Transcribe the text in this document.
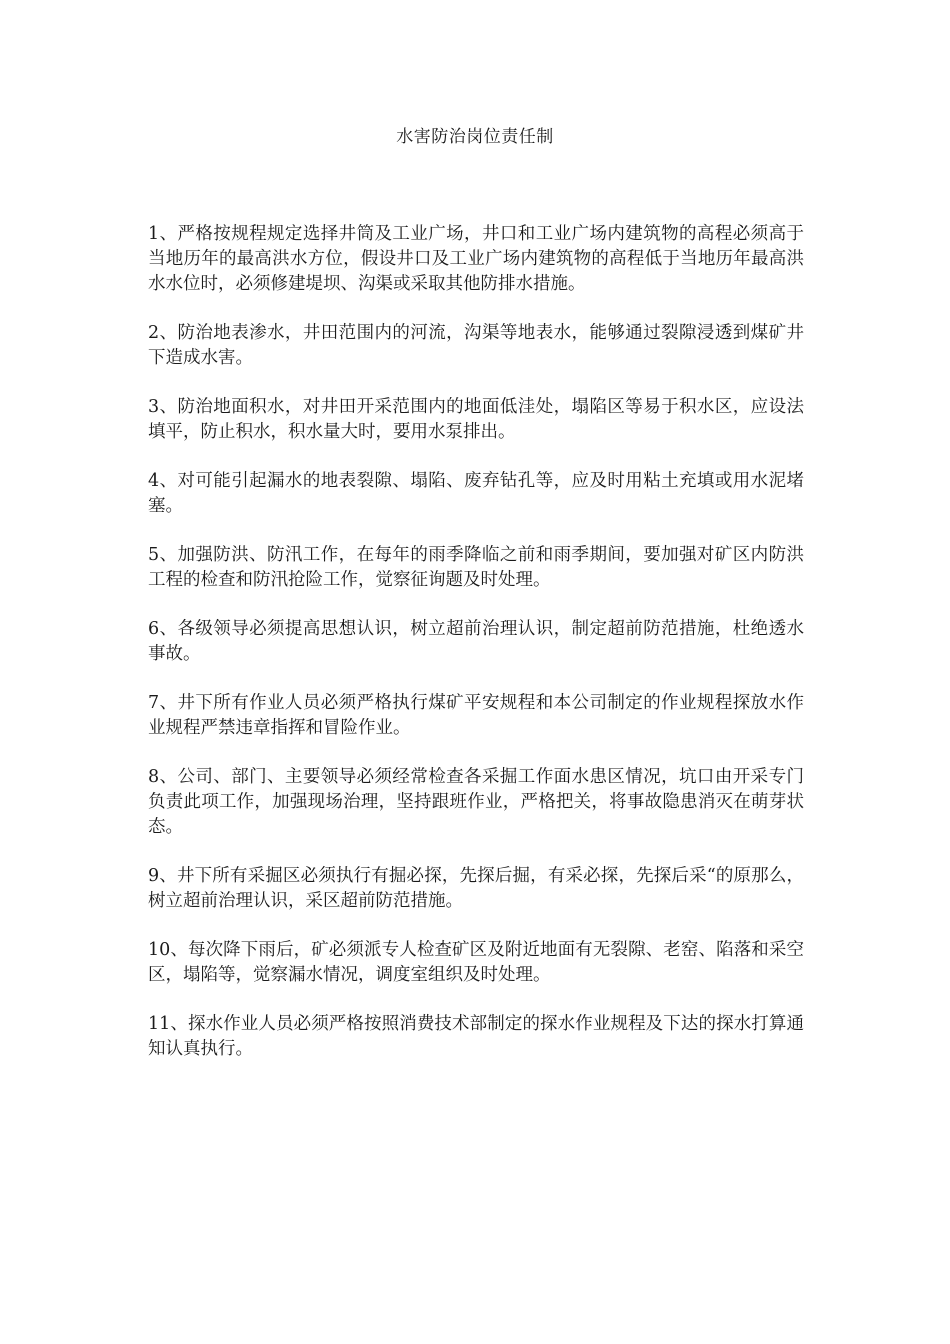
水害防治岗位责任制

1、严格按规程规定选择井筒及工业广场，井口和工业广场内建筑物的高程必须高于当地历年的最高洪水方位，假设井口及工业广场内建筑物的高程低于当地历年最高洪水水位时，必须修建堤坝、沟渠或采取其他防排水措施。

2、防治地表渗水，井田范围内的河流，沟渠等地表水，能够通过裂隙浸透到煤矿井下造成水害。

3、防治地面积水，对井田开采范围内的地面低洼处，塌陷区等易于积水区，应设法填平，防止积水，积水量大时，要用水泵排出。

4、对可能引起漏水的地表裂隙、塌陷、废弃钻孔等，应及时用粘土充填或用水泥堵塞。

5、加强防洪、防汛工作，在每年的雨季降临之前和雨季期间，要加强对矿区内防洪工程的检查和防汛抢险工作，觉察征询题及时处理。

6、各级领导必须提高思想认识，树立超前治理认识，制定超前防范措施，杜绝透水事故。

7、井下所有作业人员必须严格执行煤矿平安规程和本公司制定的作业规程探放水作业规程严禁违章指挥和冒险作业。

8、公司、部门、主要领导必须经常检查各采掘工作面水患区情况，坑口由开采专门负责此项工作，加强现场治理，坚持跟班作业，严格把关，将事故隐患消灭在萌芽状态。

9、井下所有采掘区必须执行有掘必探，先探后掘，有采必探，先探后采“的原那么，树立超前治理认识，采区超前防范措施。

10、每次降下雨后，矿必须派专人检查矿区及附近地面有无裂隙、老窑、陷落和采空区，塌陷等，觉察漏水情况，调度室组织及时处理。

11、探水作业人员必须严格按照消费技术部制定的探水作业规程及下达的探水打算通知认真执行。
